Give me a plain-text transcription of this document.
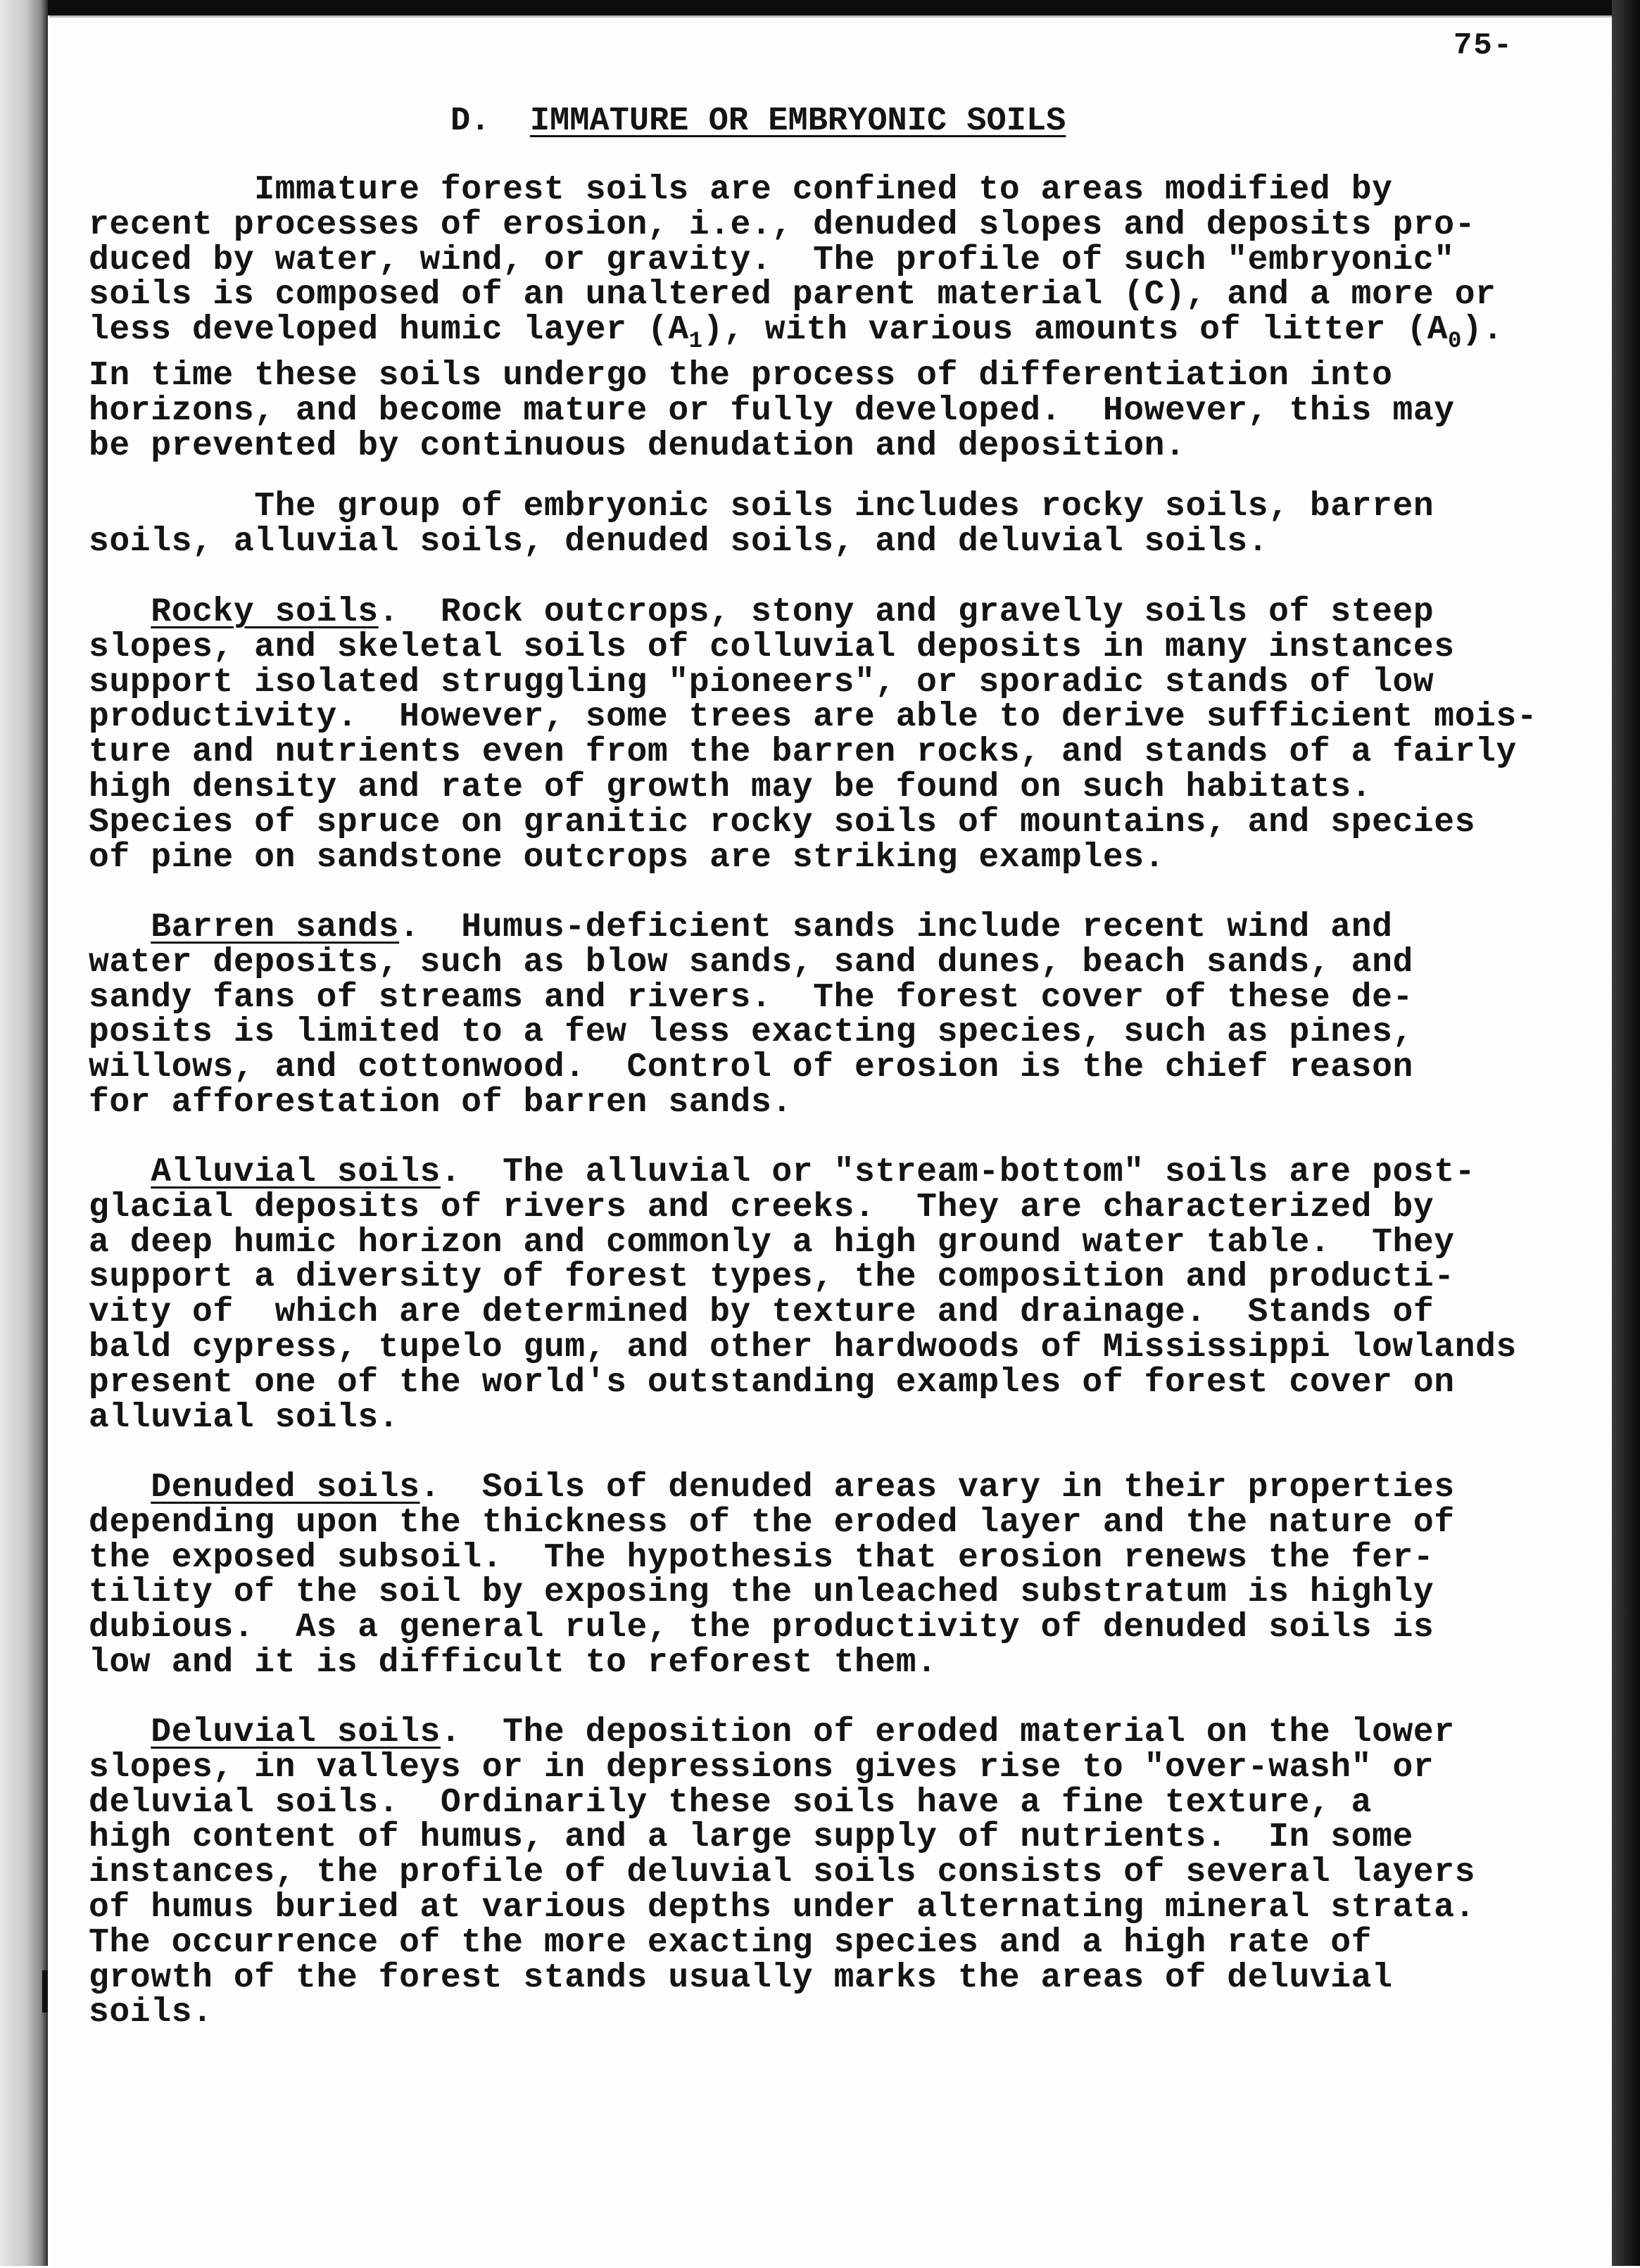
75-
D. IMMATURE OR EMBRYONIC SOILS
Immature forest soils are confined to areas modified by
recent processes of erosion, i.e., denuded slopes and deposits pro-
duced by water, wind, or gravity.  The profile of such "embryonic"
soils is composed of an unaltered parent material (C), and a more or
less developed humic layer $(A_1)$, with various amounts of litter $(A_0)$.
In time these soils undergo the process of differentiation into
horizons, and become mature or fully developed.  However, this may
be prevented by continuous denudation and deposition.
The group of embryonic soils includes rocky soils, barren
soils, alluvial soils, denuded soils, and deluvial soils.
Rocky soils.  Rock outcrops, stony and gravelly soils of steep
slopes, and skeletal soils of colluvial deposits in many instances
support isolated struggling "pioneers", or sporadic stands of low
productivity.  However, some trees are able to derive sufficient mois-
ture and nutrients even from the barren rocks, and stands of a fairly
high density and rate of growth may be found on such habitats.
Species of spruce on granitic rocky soils of mountains, and species
of pine on sandstone outcrops are striking examples.
Barren sands.  Humus-deficient sands include recent wind and
water deposits, such as blow sands, sand dunes, beach sands, and
sandy fans of streams and rivers.  The forest cover of these de-
posits is limited to a few less exacting species, such as pines,
willows, and cottonwood.  Control of erosion is the chief reason
for afforestation of barren sands.
Alluvial soils.  The alluvial or "stream-bottom" soils are post-
glacial deposits of rivers and creeks.  They are characterized by
a deep humic horizon and commonly a high ground water table.  They
support a diversity of forest types, the composition and producti-
vity of  which are determined by texture and drainage.  Stands of
bald cypress, tupelo gum, and other hardwoods of Mississippi lowlands
present one of the world's outstanding examples of forest cover on
alluvial soils.
Denuded soils.  Soils of denuded areas vary in their properties
depending upon the thickness of the eroded layer and the nature of
the exposed subsoil.  The hypothesis that erosion renews the fer-
tility of the soil by exposing the unleached substratum is highly
dubious.  As a general rule, the productivity of denuded soils is
low and it is difficult to reforest them.
Deluvial soils.  The deposition of eroded material on the lower
slopes, in valleys or in depressions gives rise to "over-wash" or
deluvial soils.  Ordinarily these soils have a fine texture, a
high content of humus, and a large supply of nutrients.  In some
instances, the profile of deluvial soils consists of several layers
of humus buried at various depths under alternating mineral strata.
The occurrence of the more exacting species and a high rate of
growth of the forest stands usually marks the areas of deluvial
soils.
